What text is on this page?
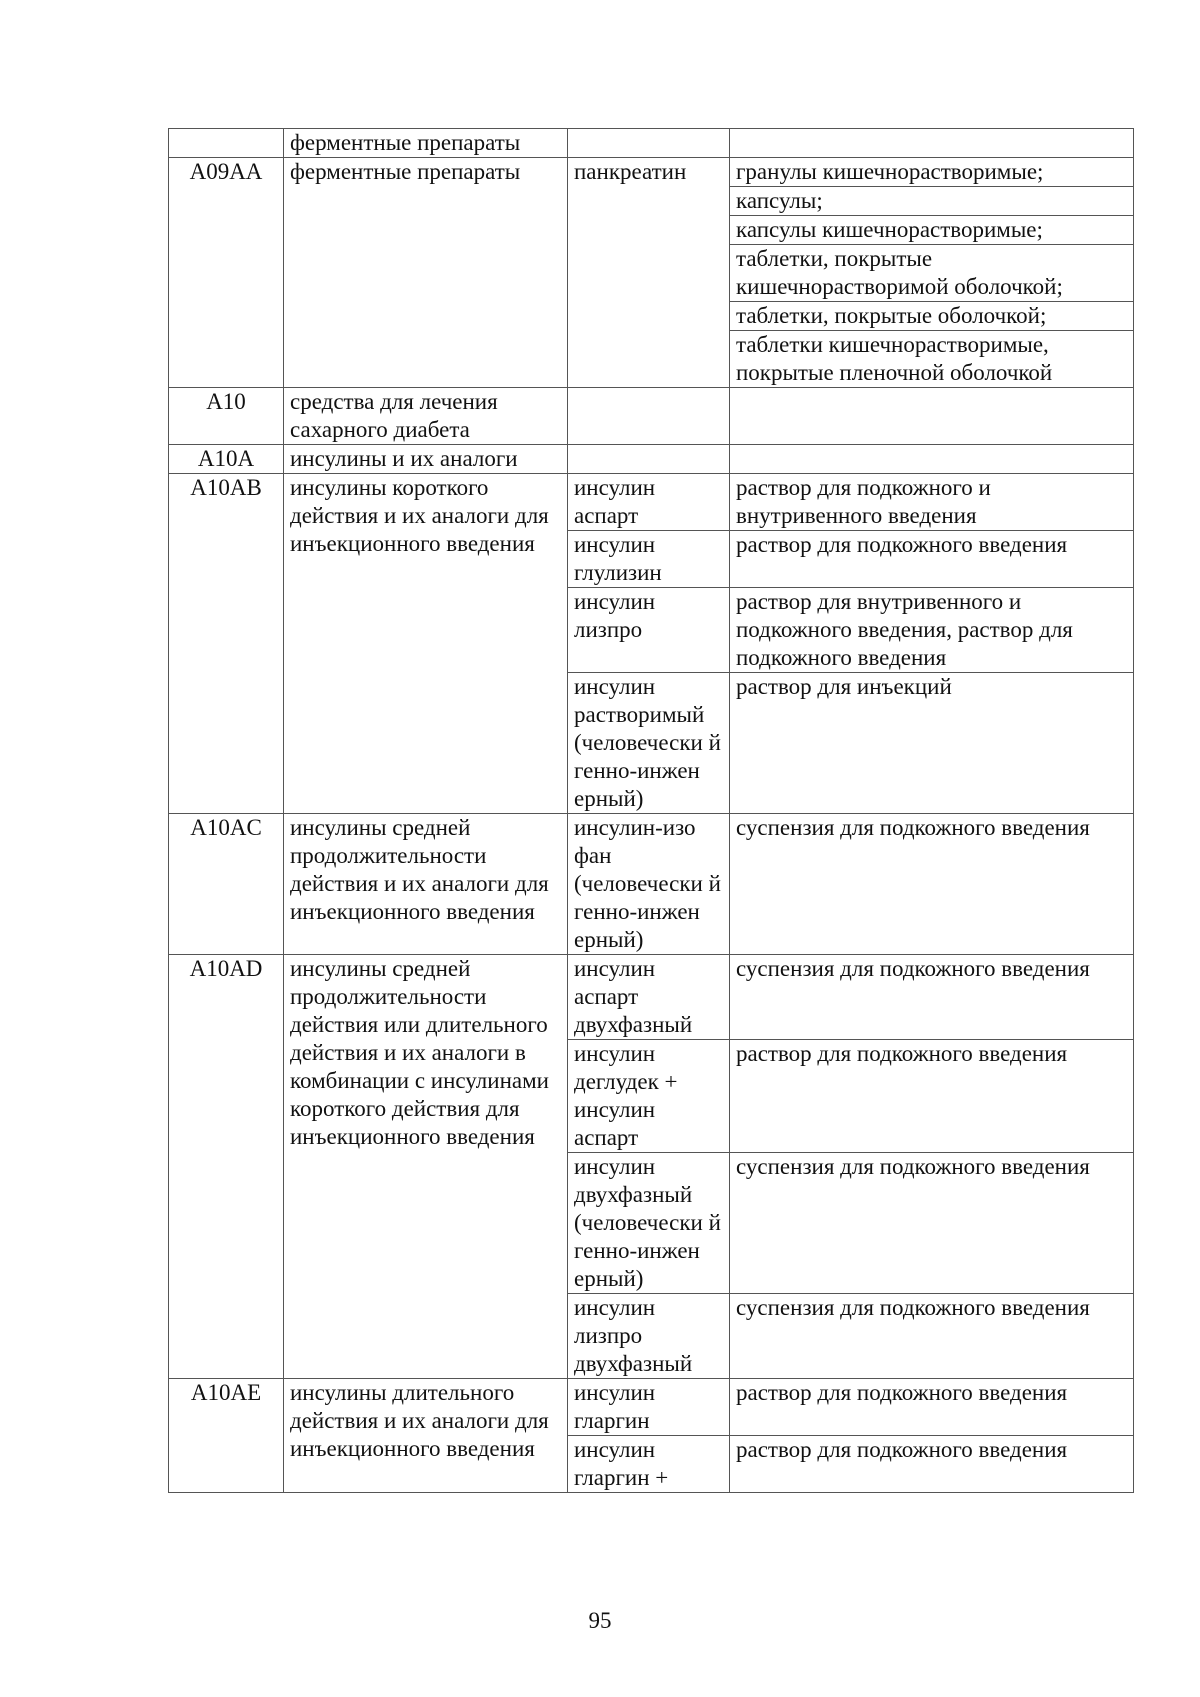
	ферментные препараты		
A09AA	ферментные препараты	панкреатин	гранулы кишечнорастворимые;
			капсулы;
			капсулы кишечнорастворимые;
			таблетки, покрытые кишечнорастворимой оболочкой;
			таблетки, покрытые оболочкой;
			таблетки кишечнорастворимые, покрытые пленочной оболочкой
A10	средства для лечения сахарного диабета		
A10A	инсулины и их аналоги		
A10AB	инсулины короткого действия и их аналоги для инъекционного введения	инсулин аспарт	раствор для подкожного и внутривенного введения
		инсулин глулизин	раствор для подкожного введения
		инсулин лизпро	раствор для внутривенного и подкожного введения, раствор для подкожного введения
		инсулин растворимый (человечески й генно-инжен ерный)	раствор для инъекций
A10AC	инсулины средней продолжительности действия и их аналоги для инъекционного введения	инсулин-изо фан (человечески й генно-инжен ерный)	суспензия для подкожного введения
A10AD	инсулины средней продолжительности действия или длительного действия и их аналоги в комбинации с инсулинами короткого действия для инъекционного введения	инсулин аспарт двухфазный	суспензия для подкожного введения
		инсулин деглудек + инсулин аспарт	раствор для подкожного введения
		инсулин двухфазный (человечески й генно-инжен ерный)	суспензия для подкожного введения
		инсулин лизпро двухфазный	суспензия для подкожного введения
A10AE	инсулины длительного действия и их аналоги для инъекционного введения	инсулин гларгин	раствор для подкожного введения
		инсулин гларгин +	раствор для подкожного введения
95
